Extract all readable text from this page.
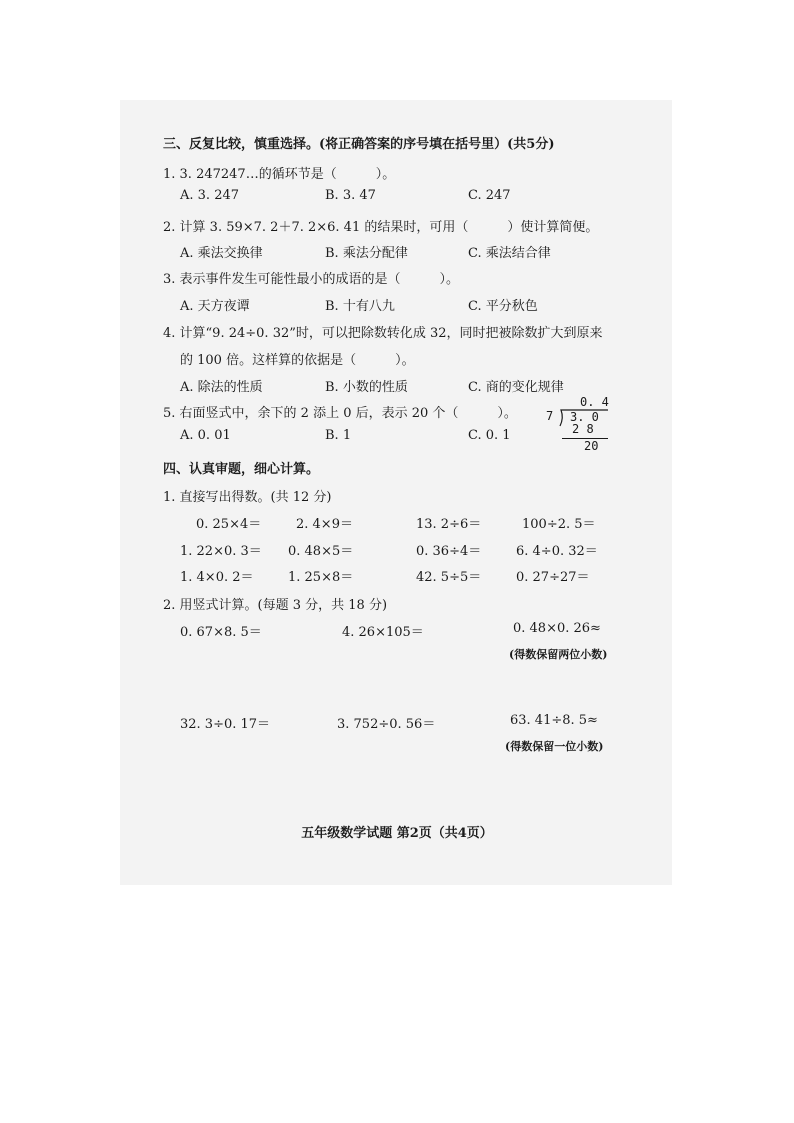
三、反复比较，慎重选择。(将正确答案的序号填在括号里）(共5分)
1. 3. 247247…的循环节是（　　　）。
A. 3. 247	B. 3. 47	C. 247
2. 计算 3. 59×7. 2＋7. 2×6. 41 的结果时，可用（　　　）使计算简便。
A. 乘法交换律	B. 乘法分配律	C. 乘法结合律
3. 表示事件发生可能性最小的成语的是（　　　）。
A. 天方夜谭	B. 十有八九	C. 平分秋色
4. 计算“9. 24÷0. 32”时，可以把除数转化成 32，同时把被除数扩大到原来
的 100 倍。这样算的依据是（　　　）。
A. 除法的性质	B. 小数的性质	C. 商的变化规律
5. 右面竖式中，余下的 2 添上 0 后，表示 20 个（　　　）。
A. 0. 01	B. 1	C. 0. 1
0. 4
7 3. 0
2 8
20
四、认真审题，细心计算。
1. 直接写出得数。(共 12 分)
0. 25×4＝	2. 4×9＝	13. 2÷6＝	100÷2. 5＝
1. 22×0. 3＝ 0. 48×5＝	0. 36÷4＝	6. 4÷0. 32＝
1. 4×0. 2＝	1. 25×8＝	42. 5÷5＝	0. 27÷27＝
2. 用竖式计算。(每题 3 分，共 18 分)
0. 67×8. 5＝	4. 26×105＝	0. 48×0. 26≈
(得数保留两位小数)
32. 3÷0. 17＝	3. 752÷0. 56＝	63. 41÷8. 5≈
(得数保留一位小数)
五年级数学试题 第2页（共4页）
